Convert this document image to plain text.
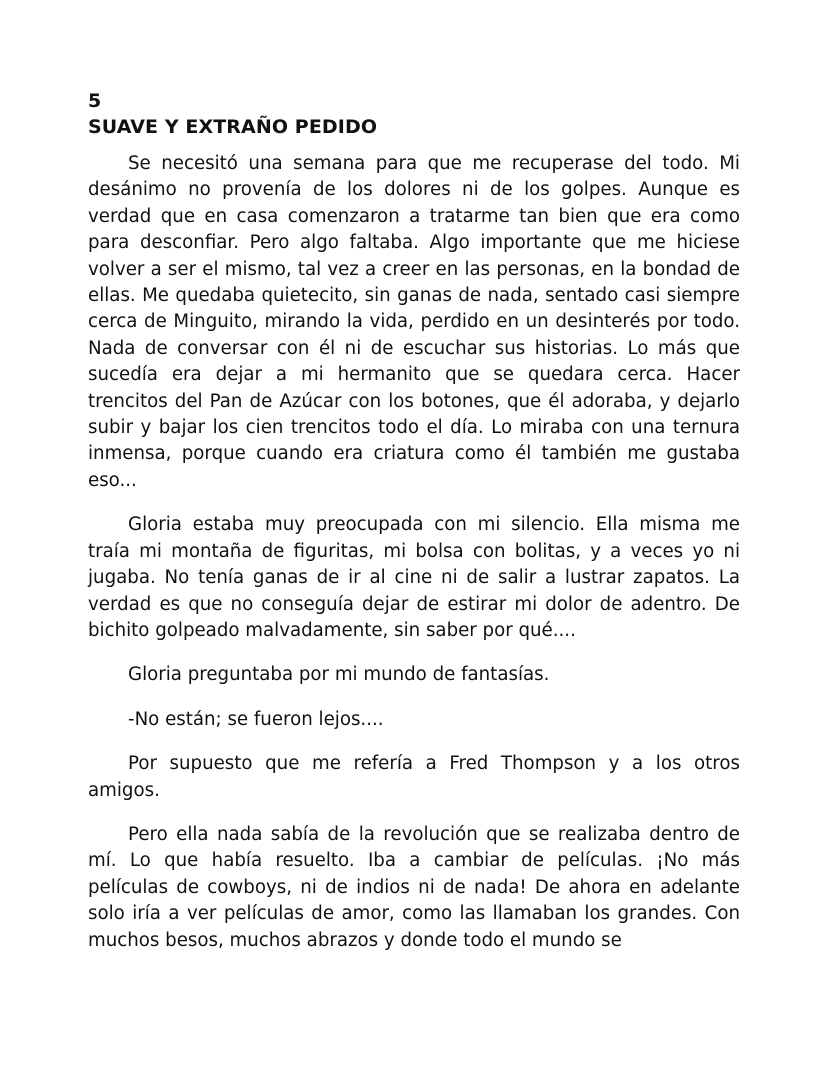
5
SUAVE Y EXTRAÑO PEDIDO

Se necesitó una semana para que me recuperase del todo. Mi desánimo no provenía de los dolores ni de los golpes. Aunque es verdad que en casa comenzaron a tratarme tan bien que era como para desconfiar. Pero algo faltaba. Algo importante que me hiciese volver a ser el mismo, tal vez a creer en las personas, en la bondad de ellas. Me quedaba quietecito, sin ganas de nada, sentado casi siempre cerca de Minguito, mirando la vida, perdido en un desinterés por todo. Nada de conversar con él ni de escuchar sus historias. Lo más que sucedía era dejar a mi hermanito que se quedara cerca. Hacer trencitos del Pan de Azúcar con los botones, que él adoraba, y dejarlo subir y bajar los cien trencitos todo el día. Lo miraba con una ternura inmensa, porque cuando era criatura como él también me gustaba eso...

Gloria estaba muy preocupada con mi silencio. Ella misma me traía mi montaña de figuritas, mi bolsa con bolitas, y a veces yo ni jugaba. No tenía ganas de ir al cine ni de salir a lustrar zapatos. La verdad es que no conseguía dejar de estirar mi dolor de adentro. De bichito golpeado malvadamente, sin saber por qué....

Gloria preguntaba por mi mundo de fantasías.

-No están; se fueron lejos....

Por supuesto que me refería a Fred Thompson y a los otros amigos.

Pero ella nada sabía de la revolución que se realizaba dentro de mí. Lo que había resuelto. Iba a cambiar de películas. ¡No más películas de cowboys, ni de indios ni de nada! De ahora en adelante solo iría a ver películas de amor, como las llamaban los grandes. Con muchos besos, muchos abrazos y donde todo el mundo se
